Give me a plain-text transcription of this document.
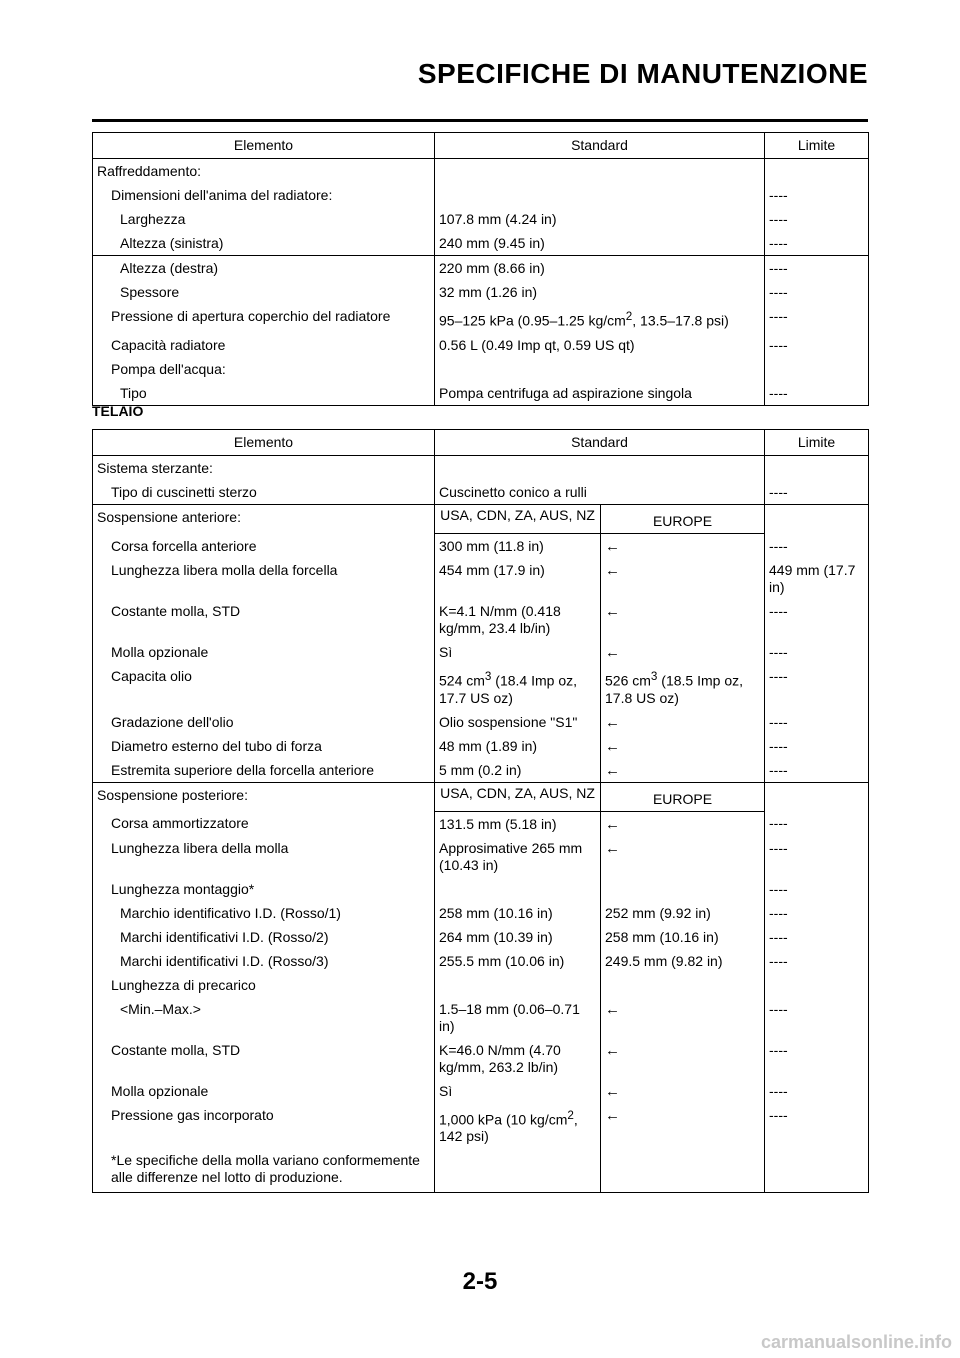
SPECIFICHE DI MANUTENZIONE
Elemento	Standard	Limite
Raffreddamento:		
Dimensioni dell'anima del radiatore:		----
Larghezza	107.8 mm (4.24 in)	----
Altezza (sinistra)	240 mm (9.45 in)	----
Altezza (destra)	220 mm (8.66 in)	----
Spessore	32 mm (1.26 in)	----
Pressione di apertura coperchio del radiatore	95–125 kPa (0.95–1.25 $kg/cm^2$, 13.5–17.8 psi)	----
Capacità radiatore	0.56 L (0.49 Imp qt, 0.59 US qt)	----
Pompa dell'acqua:		
Tipo	Pompa centrifuga ad aspirazione singola	----
TELAIO
Elemento	Standard		Limite
Sistema sterzante:			
Tipo di cuscinetti sterzo	Cuscinetto conico a rulli		----
Sospensione anteriore:	USA, CDN, ZA, AUS, NZ	EUROPE	
Corsa forcella anteriore	300 mm (11.8 in)	←	----
Lunghezza libera molla della forcella	454 mm (17.9 in)	←	449 mm (17.7 in)
Costante molla, STD	K=4.1 N/mm (0.418 kg/mm, 23.4 lb/in)	←	----
Molla opzionale	Sì	←	----
Capacita olio	524 $cm^3$ (18.4 Imp oz, 17.7 US oz)	526 $cm^3$ (18.5 Imp oz, 17.8 US oz)	----
Gradazione dell'olio	Olio sospensione "S1"	←	----
Diametro esterno del tubo di forza	48 mm (1.89 in)	←	----
Estremita superiore della forcella anteriore	5 mm (0.2 in)	←	----
Sospensione posteriore:	USA, CDN, ZA, AUS, NZ	EUROPE	
Corsa ammortizzatore	131.5 mm (5.18 in)	←	----
Lunghezza libera della molla	Approsimative 265 mm (10.43 in)	←	----
Lunghezza montaggio*			----
Marchio identificativo I.D. (Rosso/1)	258 mm (10.16 in)	252 mm (9.92 in)	----
Marchi identificativi I.D. (Rosso/2)	264 mm (10.39 in)	258 mm (10.16 in)	----
Marchi identificativi I.D. (Rosso/3)	255.5 mm (10.06 in)	249.5 mm (9.82 in)	----
Lunghezza di precarico			
<Min.–Max.>	1.5–18 mm (0.06–0.71 in)	←	----
Costante molla, STD	K=46.0 N/mm (4.70 kg/mm, 263.2 lb/in)	←	----
Molla opzionale	Sì	←	----
Pressione gas incorporato	1,000 kPa (10 $kg/cm^2$, 142 psi)	←	----
*Le specifiche della molla variano conformemente alle differenze nel lotto di produzione.			
2-5
carmanualsonline.info
